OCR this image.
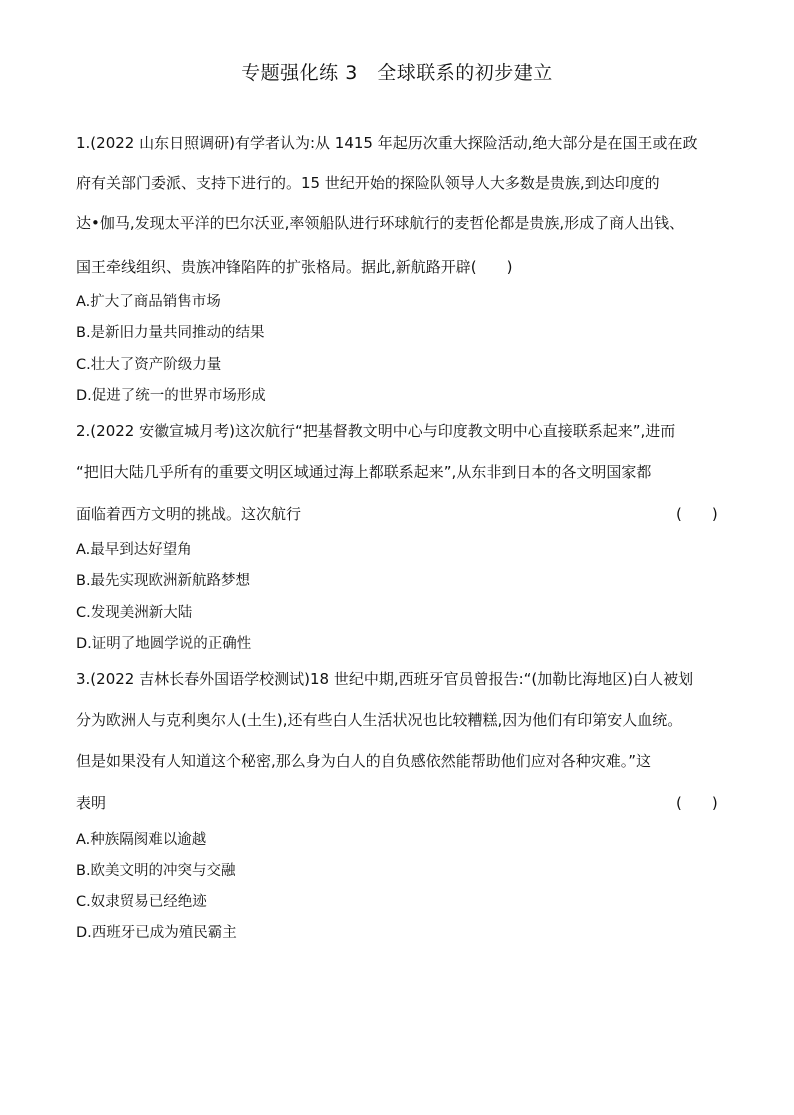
专题强化练 3　全球联系的初步建立
1.(2022 山东日照调研)有学者认为:从 1415 年起历次重大探险活动,绝大部分是在国王或在政
府有关部门委派、支持下进行的。15 世纪开始的探险队领导人大多数是贵族,到达印度的
达•伽马,发现太平洋的巴尔沃亚,率领船队进行环球航行的麦哲伦都是贵族,形成了商人出钱、
国王牵线组织、贵族冲锋陷阵的扩张格局。据此,新航路开辟(　　)
A.扩大了商品销售市场
B.是新旧力量共同推动的结果
C.壮大了资产阶级力量
D.促进了统一的世界市场形成
2.(2022 安徽宣城月考)这次航行“把基督教文明中心与印度教文明中心直接联系起来”,进而
“把旧大陆几乎所有的重要文明区域通过海上都联系起来”,从东非到日本的各文明国家都
面临着西方文明的挑战。这次航行	(　　)
A.最早到达好望角
B.最先实现欧洲新航路梦想
C.发现美洲新大陆
D.证明了地圆学说的正确性
3.(2022 吉林长春外国语学校测试)18 世纪中期,西班牙官员曾报告:“(加勒比海地区)白人被划
分为欧洲人与克利奥尔人(土生),还有些白人生活状况也比较糟糕,因为他们有印第安人血统。
但是如果没有人知道这个秘密,那么身为白人的自负感依然能帮助他们应对各种灾难。”这
表明	(　　)
A.种族隔阂难以逾越
B.欧美文明的冲突与交融
C.奴隶贸易已经绝迹
D.西班牙已成为殖民霸主
